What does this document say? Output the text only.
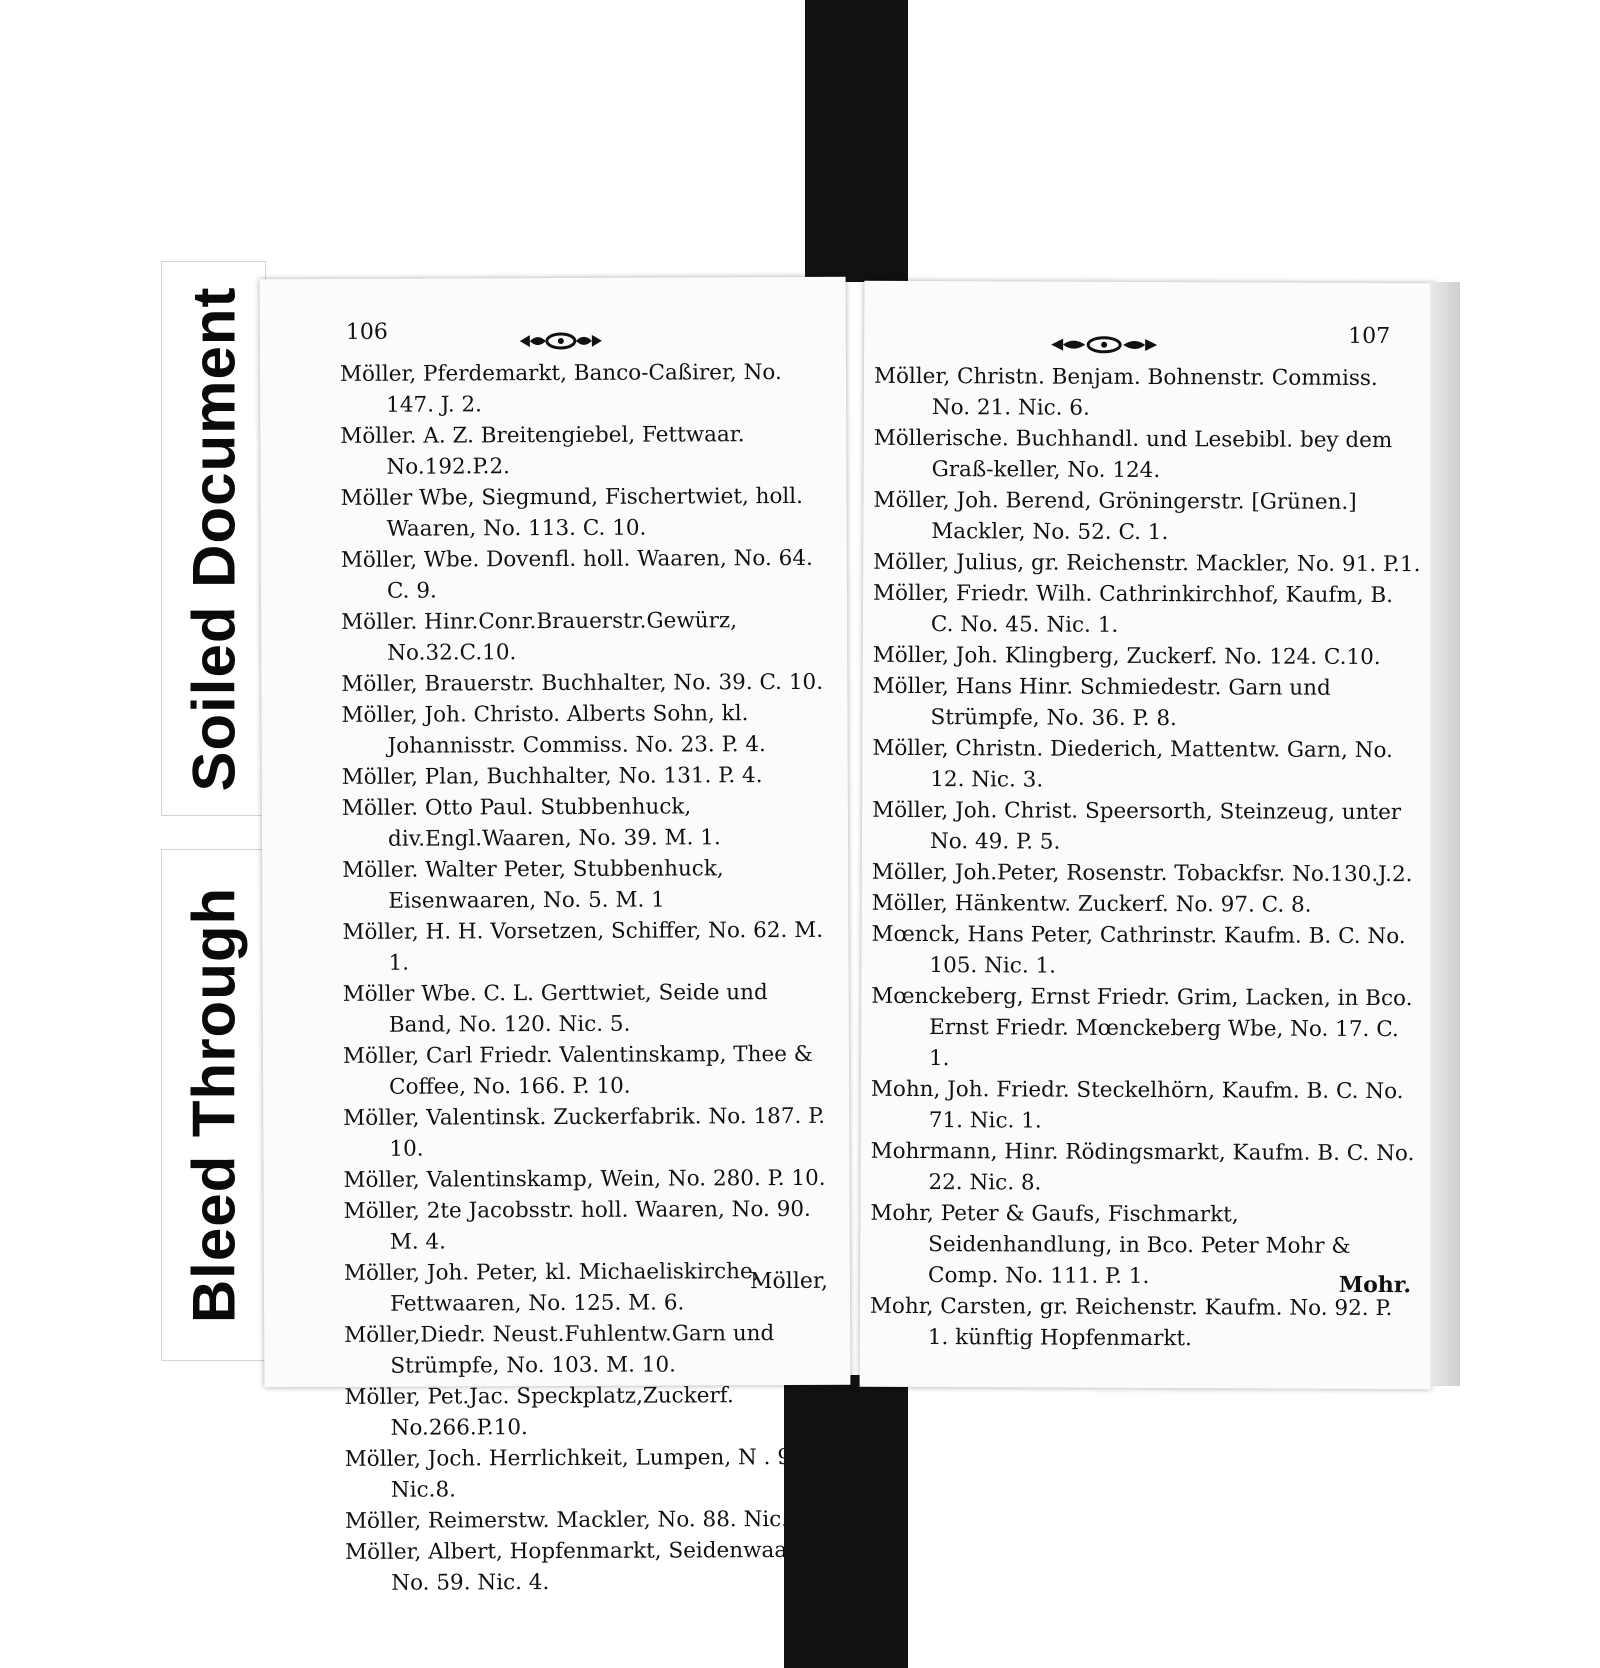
Soiled Document
Bleed Through
106

Möller, Pferdemarkt, Banco-Caßirer, No. 147. J. 2.

Möller. A. Z. Breitengiebel, Fettwaar. No.192.P.2.

Möller Wbe, Siegmund, Fischertwiet, holl. Waaren, No. 113. C. 10.

Möller, Wbe. Dovenfl. holl. Waaren, No. 64. C. 9.

Möller. Hinr.Conr.Brauerstr.Gewürz, No.32.C.10.

Möller, Brauerstr. Buchhalter, No. 39. C. 10.

Möller, Joh. Christo. Alberts Sohn, kl. Johannisstr. Commiss. No. 23. P. 4.

Möller, Plan, Buchhalter, No. 131. P. 4.

Möller. Otto Paul. Stubbenhuck, div.Engl.Waaren, No. 39. M. 1.

Möller. Walter Peter, Stubbenhuck, Eisenwaaren, No. 5. M. 1

Möller, H. H. Vorsetzen, Schiffer, No. 62. M. 1.

Möller Wbe. C. L. Gerttwiet, Seide und Band, No. 120. Nic. 5.

Möller, Carl Friedr. Valentinskamp, Thee & Coffee, No. 166. P. 10.

Möller, Valentinsk. Zuckerfabrik. No. 187. P. 10.

Möller, Valentinskamp, Wein, No. 280. P. 10.

Möller, 2te Jacobsstr. holl. Waaren, No. 90. M. 4.

Möller, Joh. Peter, kl. Michaeliskirche, Fettwaaren, No. 125. M. 6.

Möller,Diedr. Neust.Fuhlentw.Garn und Strümpfe, No. 103. M. 10.

Möller, Pet.Jac. Speckplatz,Zuckerf. No.266.P.10.

Möller, Joch. Herrlichkeit, Lumpen, N . 92. Nic.8.

Möller, Reimerstw. Mackler, No. 88. Nic. 1.

Möller, Albert, Hopfenmarkt, Seidenwaaren, No. 59. Nic. 4.

Möller,
107

Möller, Christn. Benjam. Bohnenstr. Commiss. No. 21. Nic. 6.

Möllerische. Buchhandl. und Lesebibl. bey dem Graß-keller, No. 124.

Möller, Joh. Berend, Gröningerstr. [Grünen.] Mackler, No. 52. C. 1.

Möller, Julius, gr. Reichenstr. Mackler, No. 91. P.1.

Möller, Friedr. Wilh. Cathrinkirchhof, Kaufm, B. C. No. 45. Nic. 1.

Möller, Joh. Klingberg, Zuckerf. No. 124. C.10.

Möller, Hans Hinr. Schmiedestr. Garn und Strümpfe, No. 36. P. 8.

Möller, Christn. Diederich, Mattentw. Garn, No. 12. Nic. 3.

Möller, Joh. Christ. Speersorth, Steinzeug, unter No. 49. P. 5.

Möller, Joh.Peter, Rosenstr. Tobackfsr. No.130.J.2.

Möller, Hänkentw. Zuckerf. No. 97. C. 8.

Mœnck, Hans Peter, Cathrinstr. Kaufm. B. C. No. 105. Nic. 1.

Mœnckeberg, Ernst Friedr. Grim, Lacken, in Bco. Ernst Friedr. Mœnckeberg Wbe, No. 17. C. 1.

Mohn, Joh. Friedr. Steckelhörn, Kaufm. B. C. No. 71. Nic. 1.

Mohrmann, Hinr. Rödingsmarkt, Kaufm. B. C. No. 22. Nic. 8.

Mohr, Peter & Gaufs, Fischmarkt, Seidenhandlung, in Bco. Peter Mohr & Comp. No. 111. P. 1.

Mohr, Carsten, gr. Reichenstr. Kaufm. No. 92. P. 1. künftig Hopfenmarkt.

Mohr.
